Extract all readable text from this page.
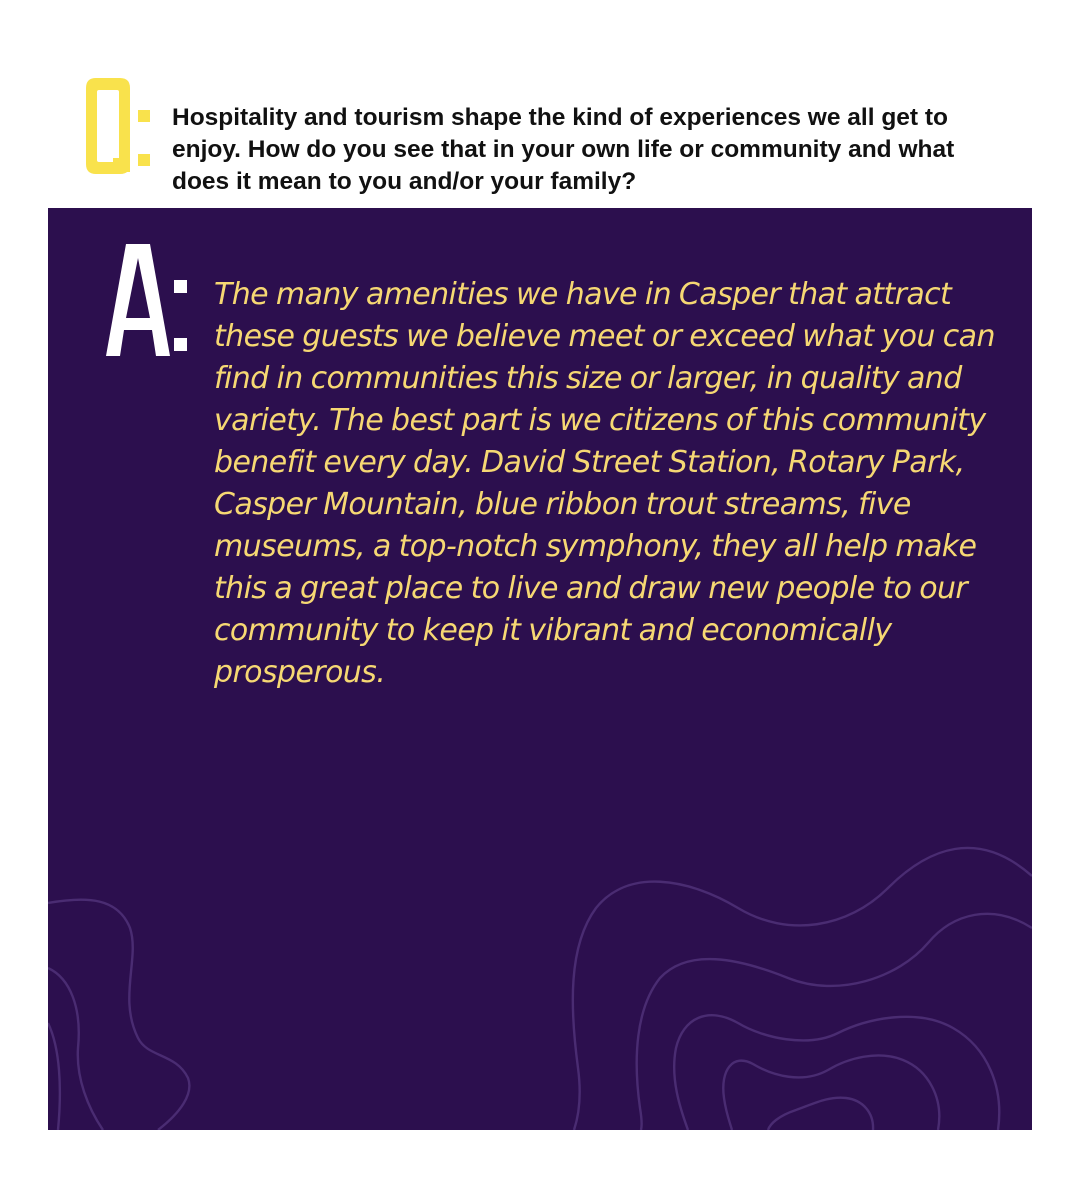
Hospitality and tourism shape the kind of experiences we all get to enjoy. How do you see that in your own life or community and what does it mean to you and/or your family?

The many amenities we have in Casper that attract these guests we believe meet or exceed what you can find in communities this size or larger, in quality and variety. The best part is we citizens of this community benefit every day. David Street Station, Rotary Park, Casper Mountain, blue ribbon trout streams, five museums, a top-notch symphony, they all help make this a great place to live and draw new people to our community to keep it vibrant and economically prosperous.
